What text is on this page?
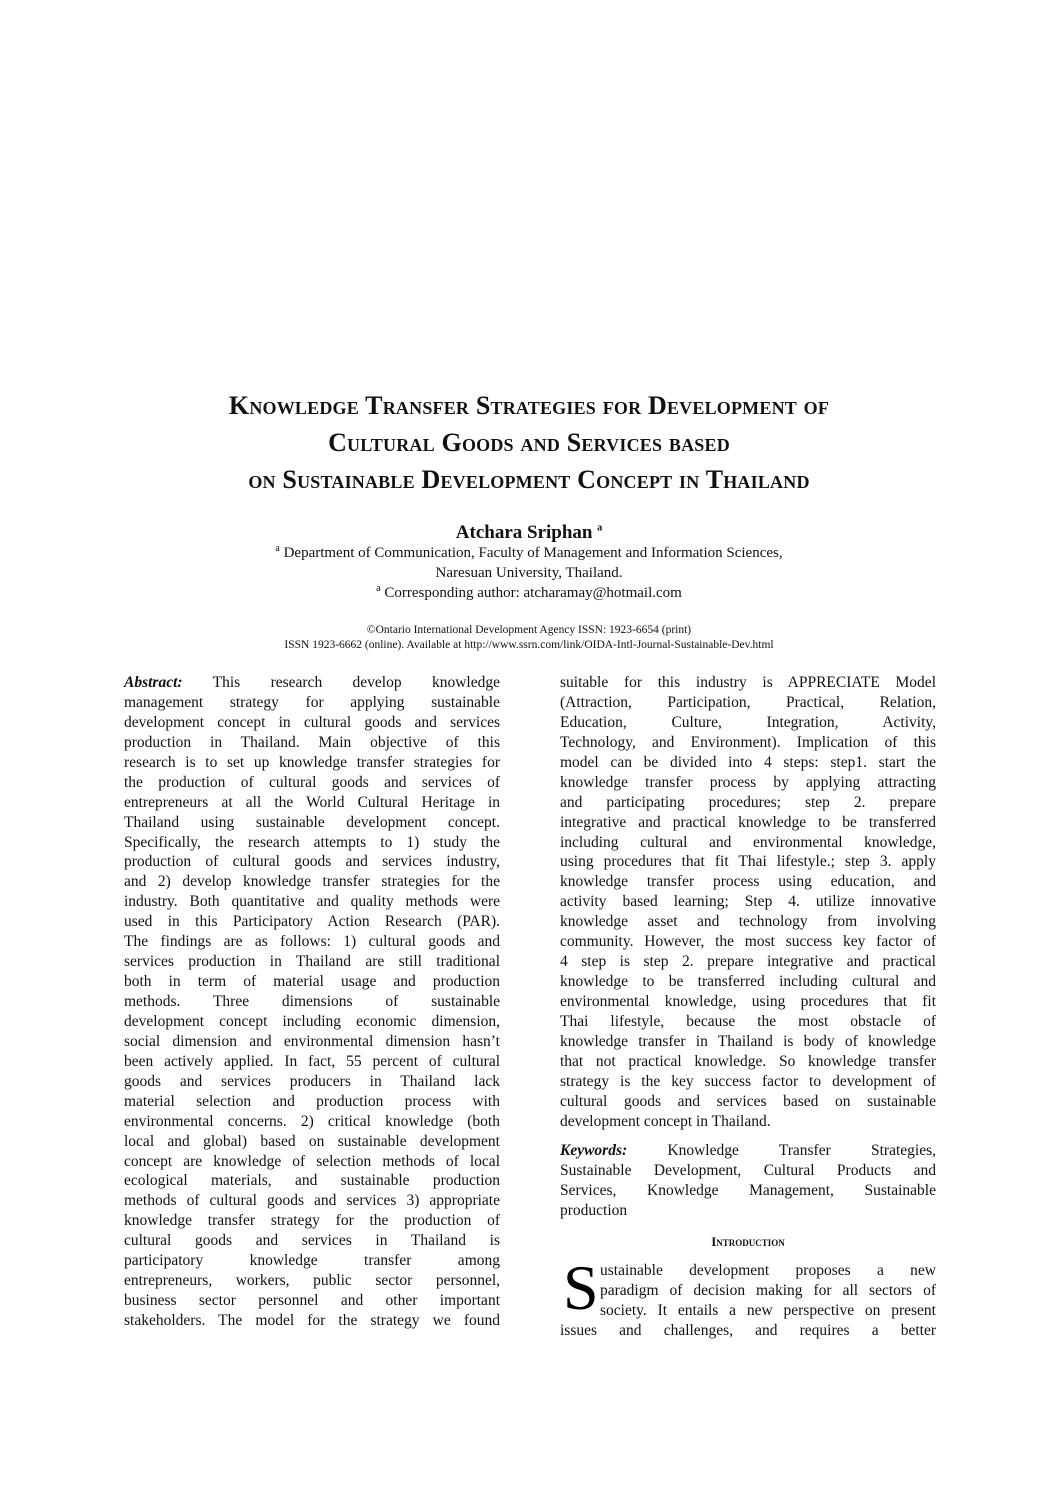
Knowledge Transfer Strategies for Development of
Cultural Goods and Services based
on Sustainable Development Concept in Thailand
Atchara Sriphan $^a$
$^a$ Department of Communication, Faculty of Management and Information Sciences,
Naresuan University, Thailand.
$^a$ Corresponding author: atcharamay@hotmail.com
©Ontario International Development Agency ISSN: 1923-6654 (print)
ISSN 1923-6662 (online). Available at http://www.ssrn.com/link/OIDA-Intl-Journal-Sustainable-Dev.html
Abstract: This research develop knowledge
management strategy for applying sustainable
development concept in cultural goods and services
production in Thailand. Main objective of this
research is to set up knowledge transfer strategies for
the production of cultural goods and services of
entrepreneurs at all the World Cultural Heritage in
Thailand using sustainable development concept.
Specifically, the research attempts to 1) study the
production of cultural goods and services industry,
and 2) develop knowledge transfer strategies for the
industry. Both quantitative and quality methods were
used in this Participatory Action Research (PAR).
The findings are as follows: 1) cultural goods and
services production in Thailand are still traditional
both in term of material usage and production
methods. Three dimensions of sustainable
development concept including economic dimension,
social dimension and environmental dimension hasn’t
been actively applied. In fact, 55 percent of cultural
goods and services producers in Thailand lack
material selection and production process with
environmental concerns. 2) critical knowledge (both
local and global) based on sustainable development
concept are knowledge of selection methods of local
ecological materials, and sustainable production
methods of cultural goods and services 3) appropriate
knowledge transfer strategy for the production of
cultural goods and services in Thailand is
participatory knowledge transfer among
entrepreneurs, workers, public sector personnel,
business sector personnel and other important
stakeholders. The model for the strategy we found
suitable for this industry is APPRECIATE Model
(Attraction, Participation, Practical, Relation,
Education, Culture, Integration, Activity,
Technology, and Environment). Implication of this
model can be divided into 4 steps: step1. start the
knowledge transfer process by applying attracting
and participating procedures; step 2. prepare
integrative and practical knowledge to be transferred
including cultural and environmental knowledge,
using procedures that fit Thai lifestyle.; step 3. apply
knowledge transfer process using education, and
activity based learning; Step 4. utilize innovative
knowledge asset and technology from involving
community. However, the most success key factor of
4 step is step 2. prepare integrative and practical
knowledge to be transferred including cultural and
environmental knowledge, using procedures that fit
Thai lifestyle, because the most obstacle of
knowledge transfer in Thailand is body of knowledge
that not practical knowledge. So knowledge transfer
strategy is the key success factor to development of
cultural goods and services based on sustainable
development concept in Thailand.
Keywords: Knowledge Transfer Strategies,
Sustainable Development, Cultural Products and
Services, Knowledge Management, Sustainable
production
Introduction
S ustainable development proposes a new
paradigm of decision making for all sectors of
society. It entails a new perspective on present
issues and challenges, and requires a better
